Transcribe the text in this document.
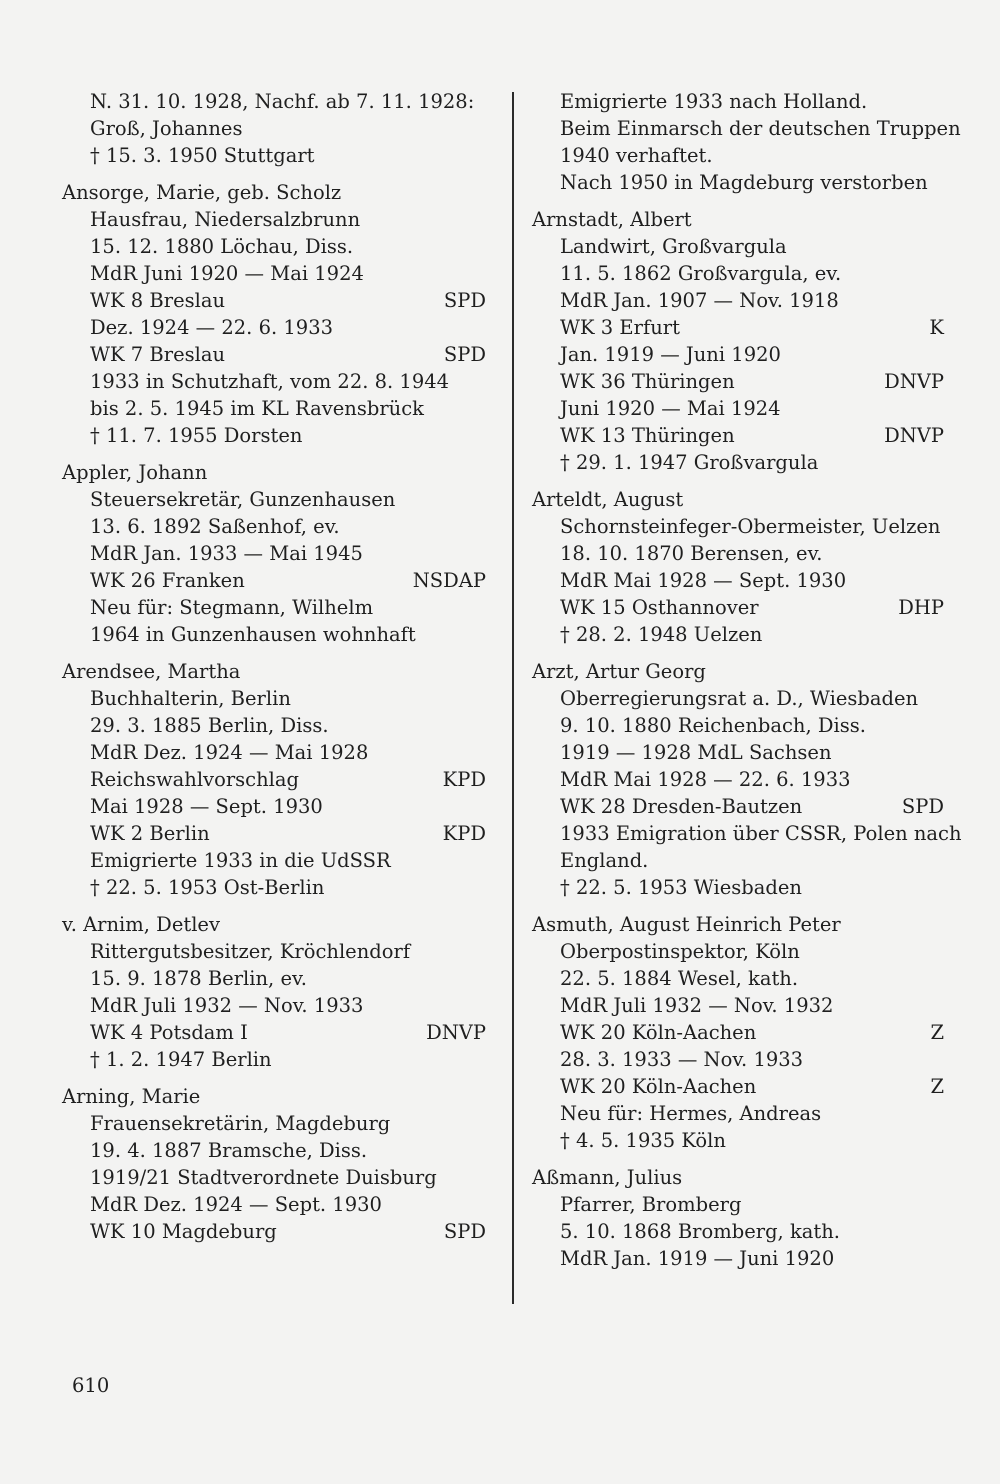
N. 31. 10. 1928, Nachf. ab 7. 11. 1928:
Groß, Johannes
† 15. 3. 1950 Stuttgart
Ansorge, Marie, geb. Scholz
Hausfrau, Niedersalzbrunn
15. 12. 1880 Löchau, Diss.
MdR Juni 1920 — Mai 1924
WK 8 Breslau	SPD
Dez. 1924 — 22. 6. 1933
WK 7 Breslau	SPD
1933 in Schutzhaft, vom 22. 8. 1944
bis 2. 5. 1945 im KL Ravensbrück
† 11. 7. 1955 Dorsten
Appler, Johann
Steuersekretär, Gunzenhausen
13. 6. 1892 Saßenhof, ev.
MdR Jan. 1933 — Mai 1945
WK 26 Franken	NSDAP
Neu für: Stegmann, Wilhelm
1964 in Gunzenhausen wohnhaft
Arendsee, Martha
Buchhalterin, Berlin
29. 3. 1885 Berlin, Diss.
MdR Dez. 1924 — Mai 1928
Reichswahlvorschlag	KPD
Mai 1928 — Sept. 1930
WK 2 Berlin	KPD
Emigrierte 1933 in die UdSSR
† 22. 5. 1953 Ost-Berlin
v. Arnim, Detlev
Rittergutsbesitzer, Kröchlendorf
15. 9. 1878 Berlin, ev.
MdR Juli 1932 — Nov. 1933
WK 4 Potsdam I	DNVP
† 1. 2. 1947 Berlin
Arning, Marie
Frauensekretärin, Magdeburg
19. 4. 1887 Bramsche, Diss.
1919/21 Stadtverordnete Duisburg
MdR Dez. 1924 — Sept. 1930
WK 10 Magdeburg	SPD
Emigrierte 1933 nach Holland.
Beim Einmarsch der deutschen Truppen
1940 verhaftet.
Nach 1950 in Magdeburg verstorben
Arnstadt, Albert
Landwirt, Großvargula
11. 5. 1862 Großvargula, ev.
MdR Jan. 1907 — Nov. 1918
WK 3 Erfurt	K
Jan. 1919 — Juni 1920
WK 36 Thüringen	DNVP
Juni 1920 — Mai 1924
WK 13 Thüringen	DNVP
† 29. 1. 1947 Großvargula
Arteldt, August
Schornsteinfeger-Obermeister, Uelzen
18. 10. 1870 Berensen, ev.
MdR Mai 1928 — Sept. 1930
WK 15 Osthannover	DHP
† 28. 2. 1948 Uelzen
Arzt, Artur Georg
Oberregierungsrat a. D., Wiesbaden
9. 10. 1880 Reichenbach, Diss.
1919 — 1928 MdL Sachsen
MdR Mai 1928 — 22. 6. 1933
WK 28 Dresden-Bautzen	SPD
1933 Emigration über CSSR, Polen nach
England.
† 22. 5. 1953 Wiesbaden
Asmuth, August Heinrich Peter
Oberpostinspektor, Köln
22. 5. 1884 Wesel, kath.
MdR Juli 1932 — Nov. 1932
WK 20 Köln-Aachen	Z
28. 3. 1933 — Nov. 1933
WK 20 Köln-Aachen	Z
Neu für: Hermes, Andreas
† 4. 5. 1935 Köln
Aßmann, Julius
Pfarrer, Bromberg
5. 10. 1868 Bromberg, kath.
MdR Jan. 1919 — Juni 1920
610
